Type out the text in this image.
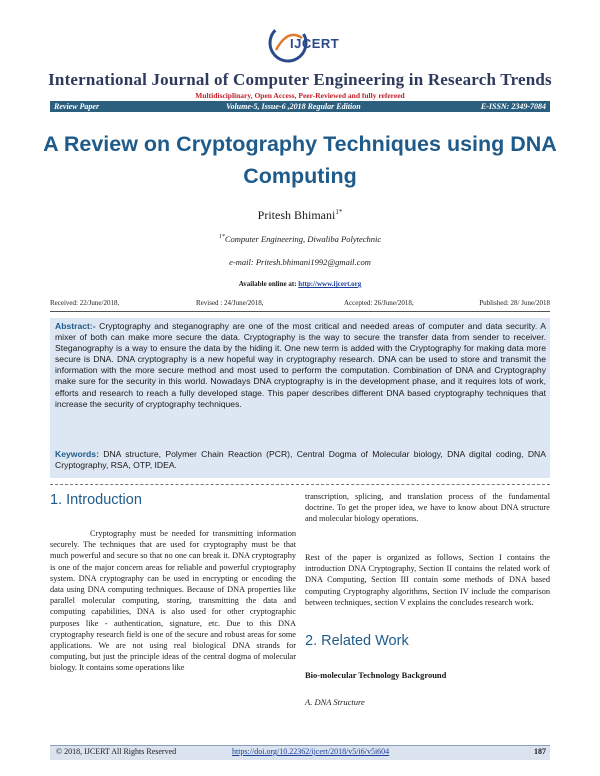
IJCERT
International Journal of Computer Engineering in Research Trends
Multidisciplinary, Open Access, Peer-Reviewed and fully refereed
Review Paper	Volume-5, Issue-6 ,2018 Regular Edition	E-ISSN: 2349-7084
A Review on Cryptography Techniques using DNA Computing
Pritesh Bhimani$^{1*}$
$^{1*}$Computer Engineering, Diwaliba Polytechnic
e-mail: Pritesh.bhimani1992@gmail.com
Available online at: http://www.ijcert.org
Received: 22/June/2018,	Revised : 24/June/2018,	Accepted: 26/June/2018,	Published: 28/ June/2018
Abstract:- Cryptography and steganography are one of the most critical and needed areas of computer and data security. A mixer of both can make more secure the data. Cryptography is the way to secure the transfer data from sender to receiver. Steganography is a way to ensure the data by the hiding it. One new term is added with the Cryptography for making data more secure is DNA. DNA cryptography is a new hopeful way in cryptography research. DNA can be used to store and transmit the information with the more secure method and most used to perform the computation. Combination of DNA and Cryptography make sure for the security in this world. Nowadays DNA cryptography is in the development phase, and it requires lots of work, efforts and research to reach a fully developed stage. This paper describes different DNA based cryptography techniques that increase the security of cryptography techniques.
Keywords: DNA structure, Polymer Chain Reaction (PCR), Central Dogma of Molecular biology, DNA digital coding, DNA Cryptography, RSA, OTP, IDEA.
1. Introduction

Cryptography must be needed for transmitting information securely. The techniques that are used for cryptography must be that much powerful and secure so that no one can break it. DNA cryptography is one of the major concern areas for reliable and powerful cryptography system. DNA cryptography can be used in encrypting or encoding the data using DNA computing techniques. Because of DNA properties like parallel molecular computing, storing, transmitting the data and computing capabilities, DNA is also used for other cryptographic purposes like - authentication, signature, etc. Due to this DNA cryptography research field is one of the secure and robust areas for some applications. We are not using real biological DNA strands for computing, but just the principle ideas of the central dogma of molecular biology. It contains some operations like

transcription, splicing, and translation process of the fundamental doctrine. To get the proper idea, we have to know about DNA structure and molecular biology operations.

Rest of the paper is organized as follows, Section I contains the introduction DNA Cryptography, Section II contains the related work of DNA Computing, Section III contain some methods of DNA based computing Cryptography algorithms, Section IV include the comparison between techniques, section V explains the concludes research work.

2. Related Work
Bio-molecular Technology Background
A. DNA Structure
© 2018, IJCERT All Rights Reserved	https://doi.org/10.22362/ijcert/2018/v5/i6/v5i604	187
